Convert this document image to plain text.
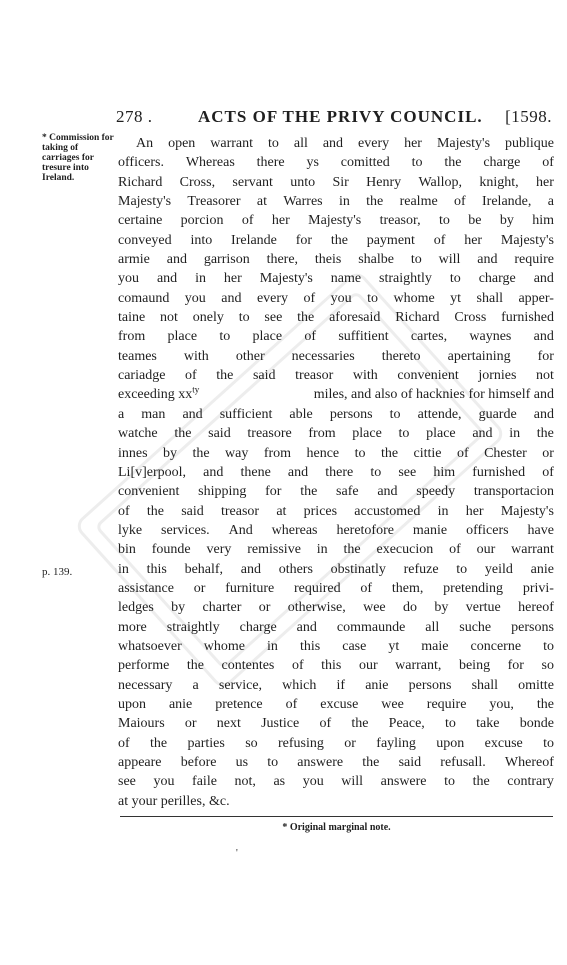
278 .	ACTS OF THE PRIVY COUNCIL. [1598.
* Commission for taking of carriages for tresure into Ireland.
p. 139.
An open warrant to all and every her Majesty's publique
officers. Whereas there ys comitted to the charge of
Richard Cross, servant unto Sir Henry Wallop, knight, her
Majesty's Treasorer at Warres in the realme of Irelande, a
certaine porcion of her Majesty's treasor, to be by him
conveyed into Irelande for the payment of her Majesty's
armie and garrison there, theis shalbe to will and require
you and in her Majesty's name straightly to charge and
comaund you and every of you to whome yt shall apper-
taine not onely to see the aforesaid Richard Cross furnished
from place to place of suffitient cartes, waynes and
teames with other necessaries thereto apertaining for
cariadge of the said treasor with convenient jornies not
exceeding $xx^{ty}$	miles, and also of hacknies for himself and
a man and sufficient able persons to attende, guarde and
watche the said treasore from place to place and in the
innes by the way from hence to the cittie of Chester or
Li[v]erpool, and thene and there to see him furnished of
convenient shipping for the safe and speedy transportacion
of the said treasor at prices accustomed in her Majesty's
lyke services. And whereas heretofore manie officers have
bin founde very remissive in the execucion of our warrant
in this behalf, and others obstinatly refuze to yeild anie
assistance or furniture required of them, pretending privi-
ledges by charter or otherwise, wee do by vertue hereof
more straightly charge and commaunde all suche persons
whatsoever whome in this case yt maie concerne to
performe the contentes of this our warrant, being for so
necessary a service, which if anie persons shall omitte
upon anie pretence of excuse wee require you, the
Maiours or next Justice of the Peace, to take bonde
of the parties so refusing or fayling upon excuse to
appeare before us to answere the said refusall. Whereof
see you faile not, as you will answere to the contrary
at your perilles, &c.
* Original marginal note.
'
